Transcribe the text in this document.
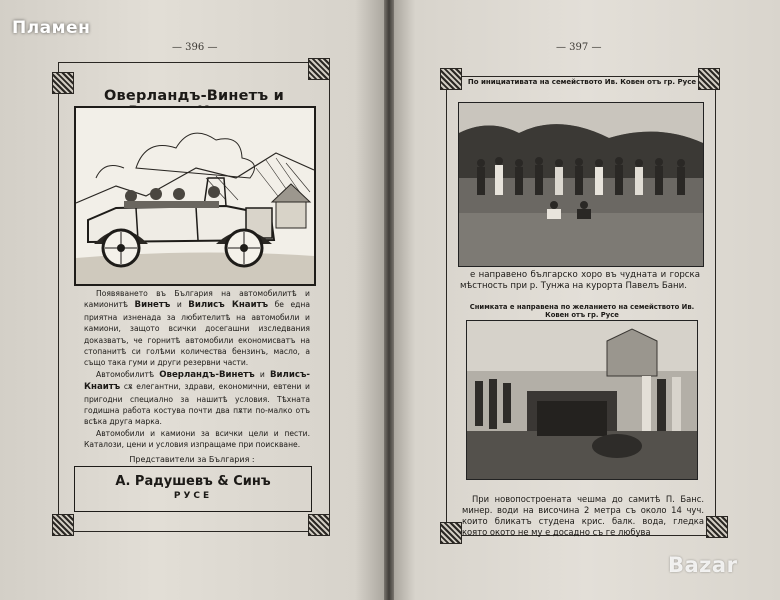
Пламен
— 396 —
Оверландъ-Винетъ и

Появяването въ България на автомобилитѣ и камионитѣ Винетъ и Вилисъ Кнаитъ бе една приятна изненада за любителитѣ на автомобили и камиони, защото всички досегашни изследвания доказватъ, че горнитѣ автомобили економисватъ на стопанитѣ си голѣми количества бензинъ, масло, а също така гуми и други резервни части.

Автомобилитѣ Оверландъ-Винетъ и Вилисъ-Кнаитъ сѫ елегантни, здрави, економични, евтени и пригодни специално за нашитѣ условия. Тѣхната годишна работа костува почти два пѫти по-малко отъ всѣка друга марка.

Автомобили и камиони за всички цели и пести. Каталози, цени и условия изпращаме при поискване.

Представители за България :
А. Радушевъ & Синъ
РУСЕ
— 397 —
По инициативата на семейството Ив. Ковен отъ гр. Русе

е направено българско хоро въ чудната и горска мѣстность при р. Тунжа на курорта Павелъ Бани.

Снимката е направена по желанието на семейството Ив. Ковен отъ гр. Русе

При новопостроената чешма до самитѣ П. Банс. минер. води на височина 2 метра съ около 14 чуч. които бликатъ студена крис. балк. вода, гледка която окото не му е досадно съ ге любува

Bazar
